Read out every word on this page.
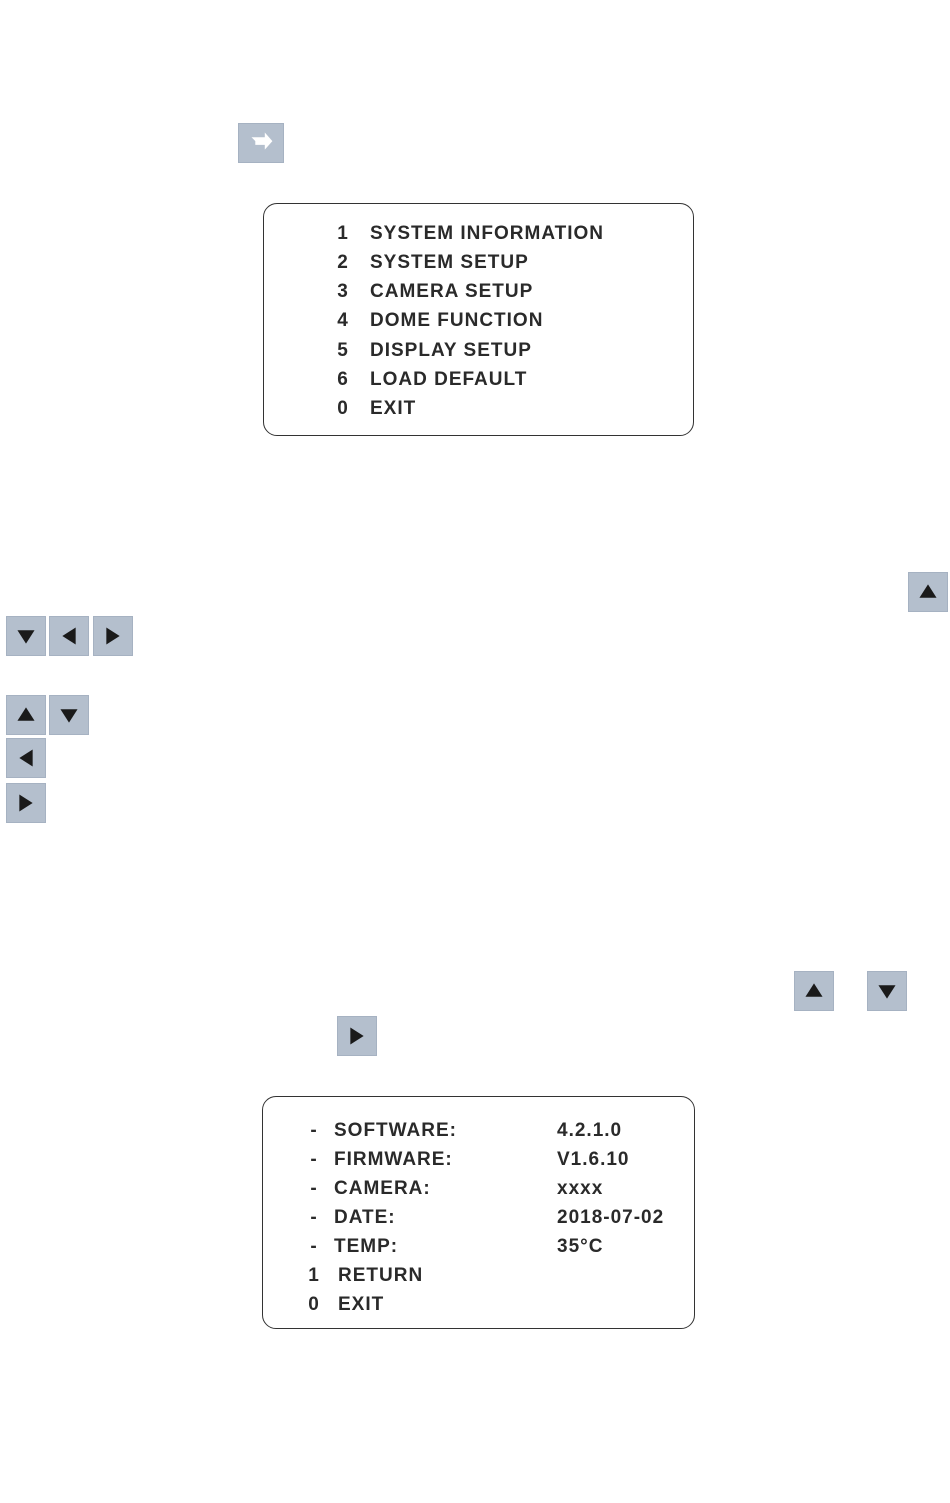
1 SYSTEM INFORMATION
2 SYSTEM SETUP
3 CAMERA SETUP
4 DOME FUNCTION
5 DISPLAY SETUP
6 LOAD DEFAULT
0 EXIT
- SOFTWARE:	4.2.1.0
- FIRMWARE:	V1.6.10
- CAMERA:	xxxx
- DATE:	2018-07-02
- TEMP:	35°C
1 RETURN
0 EXIT
